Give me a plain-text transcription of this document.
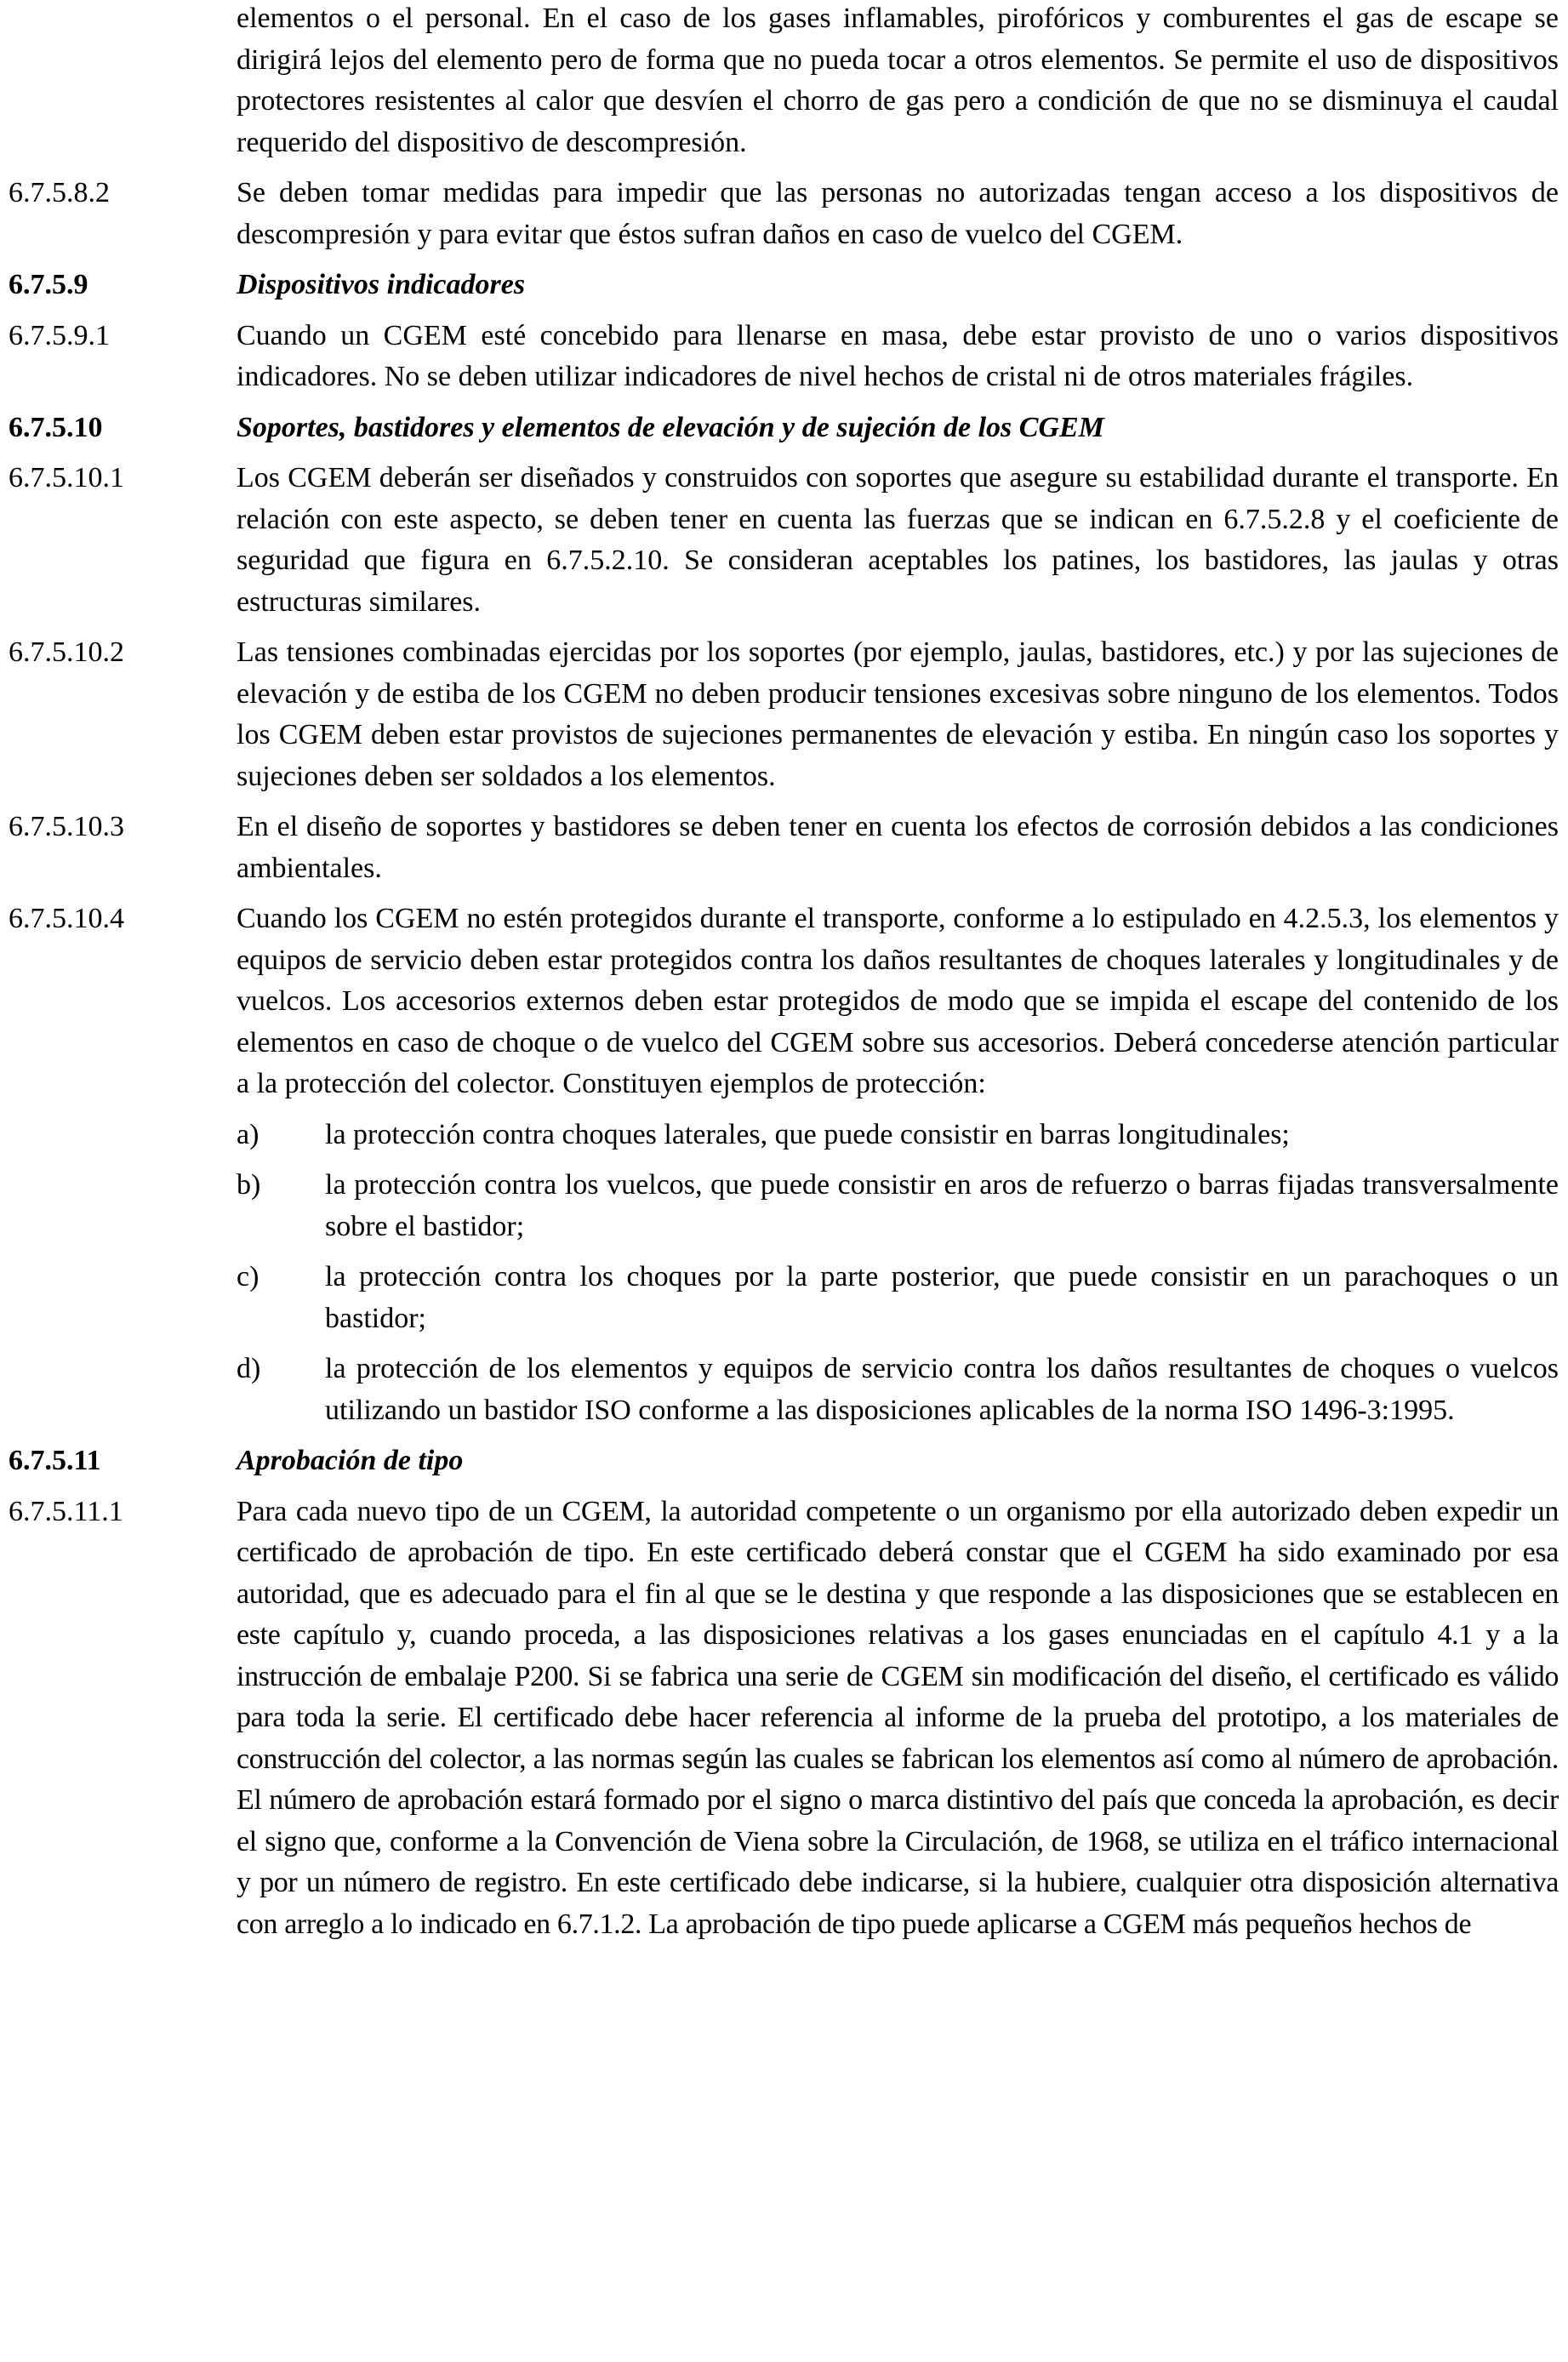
elementos o el personal. En el caso de los gases inflamables, pirofóricos y comburentes el gas de escape se dirigirá lejos del elemento pero de forma que no pueda tocar a otros elementos. Se permite el uso de dispositivos protectores resistentes al calor que desvíen el chorro de gas pero a condición de que no se disminuya el caudal requerido del dispositivo de descompresión.
6.7.5.8.2	Se deben tomar medidas para impedir que las personas no autorizadas tengan acceso a los dispositivos de descompresión y para evitar que éstos sufran daños en caso de vuelco del CGEM.
6.7.5.9	Dispositivos indicadores
6.7.5.9.1	Cuando un CGEM esté concebido para llenarse en masa, debe estar provisto de uno o varios dispositivos indicadores. No se deben utilizar indicadores de nivel hechos de cristal ni de otros materiales frágiles.
6.7.5.10	Soportes, bastidores y elementos de elevación y de sujeción de los CGEM
6.7.5.10.1	Los CGEM deberán ser diseñados y construidos con soportes que asegure su estabilidad durante el transporte. En relación con este aspecto, se deben tener en cuenta las fuerzas que se indican en 6.7.5.2.8 y el coeficiente de seguridad que figura en 6.7.5.2.10. Se consideran aceptables los patines, los bastidores, las jaulas y otras estructuras similares.
6.7.5.10.2	Las tensiones combinadas ejercidas por los soportes (por ejemplo, jaulas, bastidores, etc.) y por las sujeciones de elevación y de estiba de los CGEM no deben producir tensiones excesivas sobre ninguno de los elementos. Todos los CGEM deben estar provistos de sujeciones permanentes de elevación y estiba. En ningún caso los soportes y sujeciones deben ser soldados a los elementos.
6.7.5.10.3	En el diseño de soportes y bastidores se deben tener en cuenta los efectos de corrosión debidos a las condiciones ambientales.
6.7.5.10.4	Cuando los CGEM no estén protegidos durante el transporte, conforme a lo estipulado en 4.2.5.3, los elementos y equipos de servicio deben estar protegidos contra los daños resultantes de choques laterales y longitudinales y de vuelcos. Los accesorios externos deben estar protegidos de modo que se impida el escape del contenido de los elementos en caso de choque o de vuelco del CGEM sobre sus accesorios. Deberá concederse atención particular a la protección del colector. Constituyen ejemplos de protección:
a)	la protección contra choques laterales, que puede consistir en barras longitudinales;
b)	la protección contra los vuelcos, que puede consistir en aros de refuerzo o barras fijadas transversalmente sobre el bastidor;
c)	la protección contra los choques por la parte posterior, que puede consistir en un parachoques o un bastidor;
d)	la protección de los elementos y equipos de servicio contra los daños resultantes de choques o vuelcos utilizando un bastidor ISO conforme a las disposiciones aplicables de la norma ISO 1496-3:1995.
6.7.5.11	Aprobación de tipo
6.7.5.11.1	Para cada nuevo tipo de un CGEM, la autoridad competente o un organismo por ella autorizado deben expedir un certificado de aprobación de tipo. En este certificado deberá constar que el CGEM ha sido examinado por esa autoridad, que es adecuado para el fin al que se le destina y que responde a las disposiciones que se establecen en este capítulo y, cuando proceda, a las disposiciones relativas a los gases enunciadas en el capítulo 4.1 y a la instrucción de embalaje P200. Si se fabrica una serie de CGEM sin modificación del diseño, el certificado es válido para toda la serie. El certificado debe hacer referencia al informe de la prueba del prototipo, a los materiales de construcción del colector, a las normas según las cuales se fabrican los elementos así como al número de aprobación. El número de aprobación estará formado por el signo o marca distintivo del país que conceda la aprobación, es decir el signo que, conforme a la Convención de Viena sobre la Circulación, de 1968, se utiliza en el tráfico internacional y por un número de registro. En este certificado debe indicarse, si la hubiere, cualquier otra disposición alternativa con arreglo a lo indicado en 6.7.1.2. La aprobación de tipo puede aplicarse a CGEM más pequeños hechos de
